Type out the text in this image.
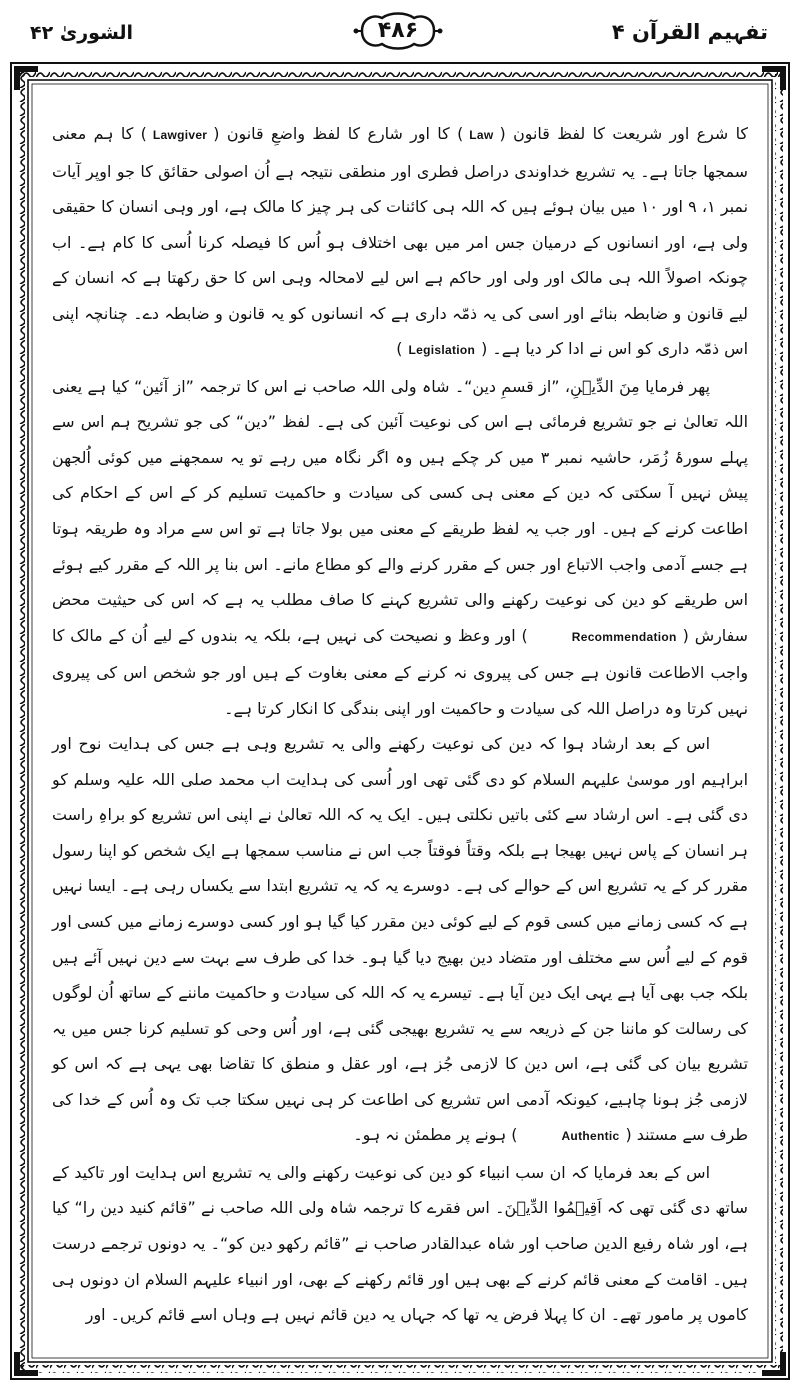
الشوریٰ ۴۲	۴۸۶	تفہیم القرآن ۴

کا شرع اور شریعت کا لفظ قانون (Law) کا اور شارع کا لفظ واضعِ قانون (Lawgiver) کا ہم معنی سمجھا جاتا ہے۔ یہ تشریع خداوندی دراصل فطری اور منطقی نتیجہ ہے اُن اصولی حقائق کا جو اوپر آیات نمبر ۱، ۹ اور ۱۰ میں بیان ہوئے ہیں کہ اللہ ہی کائنات کی ہر چیز کا مالک ہے، اور وہی انسان کا حقیقی ولی ہے، اور انسانوں کے درمیان جس امر میں بھی اختلاف ہو اُس کا فیصلہ کرنا اُسی کا کام ہے۔ اب چونکہ اصولاً اللہ ہی مالک اور ولی اور حاکم ہے اس لیے لامحالہ وہی اس کا حق رکھتا ہے کہ انسان کے لیے قانون و ضابطہ بنائے اور اسی کی یہ ذمّہ داری ہے کہ انسانوں کو یہ قانون و ضابطہ دے۔ چنانچہ اپنی اس ذمّہ داری کو اس نے ادا کر دیا ہے۔ (Legislation)

پھر فرمایا مِنَ الدِّیۡنِ، ”از قسمِ دین“۔ شاہ ولی اللہ صاحب نے اس کا ترجمہ ”از آئین“ کیا ہے یعنی اللہ تعالیٰ نے جو تشریع فرمائی ہے اس کی نوعیت آئین کی ہے۔ لفظ ”دین“ کی جو تشریح ہم اس سے پہلے سورۂ زُمَر، حاشیہ نمبر ۳ میں کر چکے ہیں وہ اگر نگاہ میں رہے تو یہ سمجھنے میں کوئی اُلجھن پیش نہیں آ سکتی کہ دین کے معنی ہی کسی کی سیادت و حاکمیت تسلیم کر کے اس کے احکام کی اطاعت کرنے کے ہیں۔ اور جب یہ لفظ طریقے کے معنی میں بولا جاتا ہے تو اس سے مراد وہ طریقہ ہوتا ہے جسے آدمی واجب الاتباع اور جس کے مقرر کرنے والے کو مطاع مانے۔ اس بنا پر اللہ کے مقرر کیے ہوئے اس طریقے کو دین کی نوعیت رکھنے والی تشریع کہنے کا صاف مطلب یہ ہے کہ اس کی حیثیت محض سفارش (Recommendation) اور وعظ و نصیحت کی نہیں ہے، بلکہ یہ بندوں کے لیے اُن کے مالک کا واجب الاطاعت قانون ہے جس کی پیروی نہ کرنے کے معنی بغاوت کے ہیں اور جو شخص اس کی پیروی نہیں کرتا وہ دراصل اللہ کی سیادت و حاکمیت اور اپنی بندگی کا انکار کرتا ہے۔

اس کے بعد ارشاد ہوا کہ دین کی نوعیت رکھنے والی یہ تشریع وہی ہے جس کی ہدایت نوح اور ابراہیم اور موسیٰ علیہم السلام کو دی گئی تھی اور اُسی کی ہدایت اب محمد صلی اللہ علیہ وسلم کو دی گئی ہے۔ اس ارشاد سے کئی باتیں نکلتی ہیں۔ ایک یہ کہ اللہ تعالیٰ نے اپنی اس تشریع کو براہِ راست ہر انسان کے پاس نہیں بھیجا ہے بلکہ وقتاً فوقتاً جب اس نے مناسب سمجھا ہے ایک شخص کو اپنا رسول مقرر کر کے یہ تشریع اس کے حوالے کی ہے۔ دوسرے یہ کہ یہ تشریع ابتدا سے یکساں رہی ہے۔ ایسا نہیں ہے کہ کسی زمانے میں کسی قوم کے لیے کوئی دین مقرر کیا گیا ہو اور کسی دوسرے زمانے میں کسی اور قوم کے لیے اُس سے مختلف اور متضاد دین بھیج دیا گیا ہو۔ خدا کی طرف سے بہت سے دین نہیں آئے ہیں بلکہ جب بھی آیا ہے یہی ایک دین آیا ہے۔ تیسرے یہ کہ اللہ کی سیادت و حاکمیت ماننے کے ساتھ اُن لوگوں کی رسالت کو ماننا جن کے ذریعہ سے یہ تشریع بھیجی گئی ہے، اور اُس وحی کو تسلیم کرنا جس میں یہ تشریع بیان کی گئی ہے، اس دین کا لازمی جُز ہے، اور عقل و منطق کا تقاضا بھی یہی ہے کہ اس کو لازمی جُز ہونا چاہیے، کیونکہ آدمی اس تشریع کی اطاعت کر ہی نہیں سکتا جب تک وہ اُس کے خدا کی طرف سے مستند (Authentic) ہونے پر مطمئن نہ ہو۔

اس کے بعد فرمایا کہ ان سب انبیاء کو دین کی نوعیت رکھنے والی یہ تشریع اس ہدایت اور تاکید کے ساتھ دی گئی تھی کہ اَقِیۡمُوا الدِّیۡنَ۔ اس فقرے کا ترجمہ شاہ ولی اللہ صاحب نے ”قائم کنید دین را“ کیا ہے، اور شاہ رفیع الدین صاحب اور شاہ عبدالقادر صاحب نے ”قائم رکھو دین کو“۔ یہ دونوں ترجمے درست ہیں۔ اقامت کے معنی قائم کرنے کے بھی ہیں اور قائم رکھنے کے بھی، اور انبیاء علیہم السلام ان دونوں ہی کاموں پر مامور تھے۔ ان کا پہلا فرض یہ تھا کہ جہاں یہ دین قائم نہیں ہے وہاں اسے قائم کریں۔ اور
